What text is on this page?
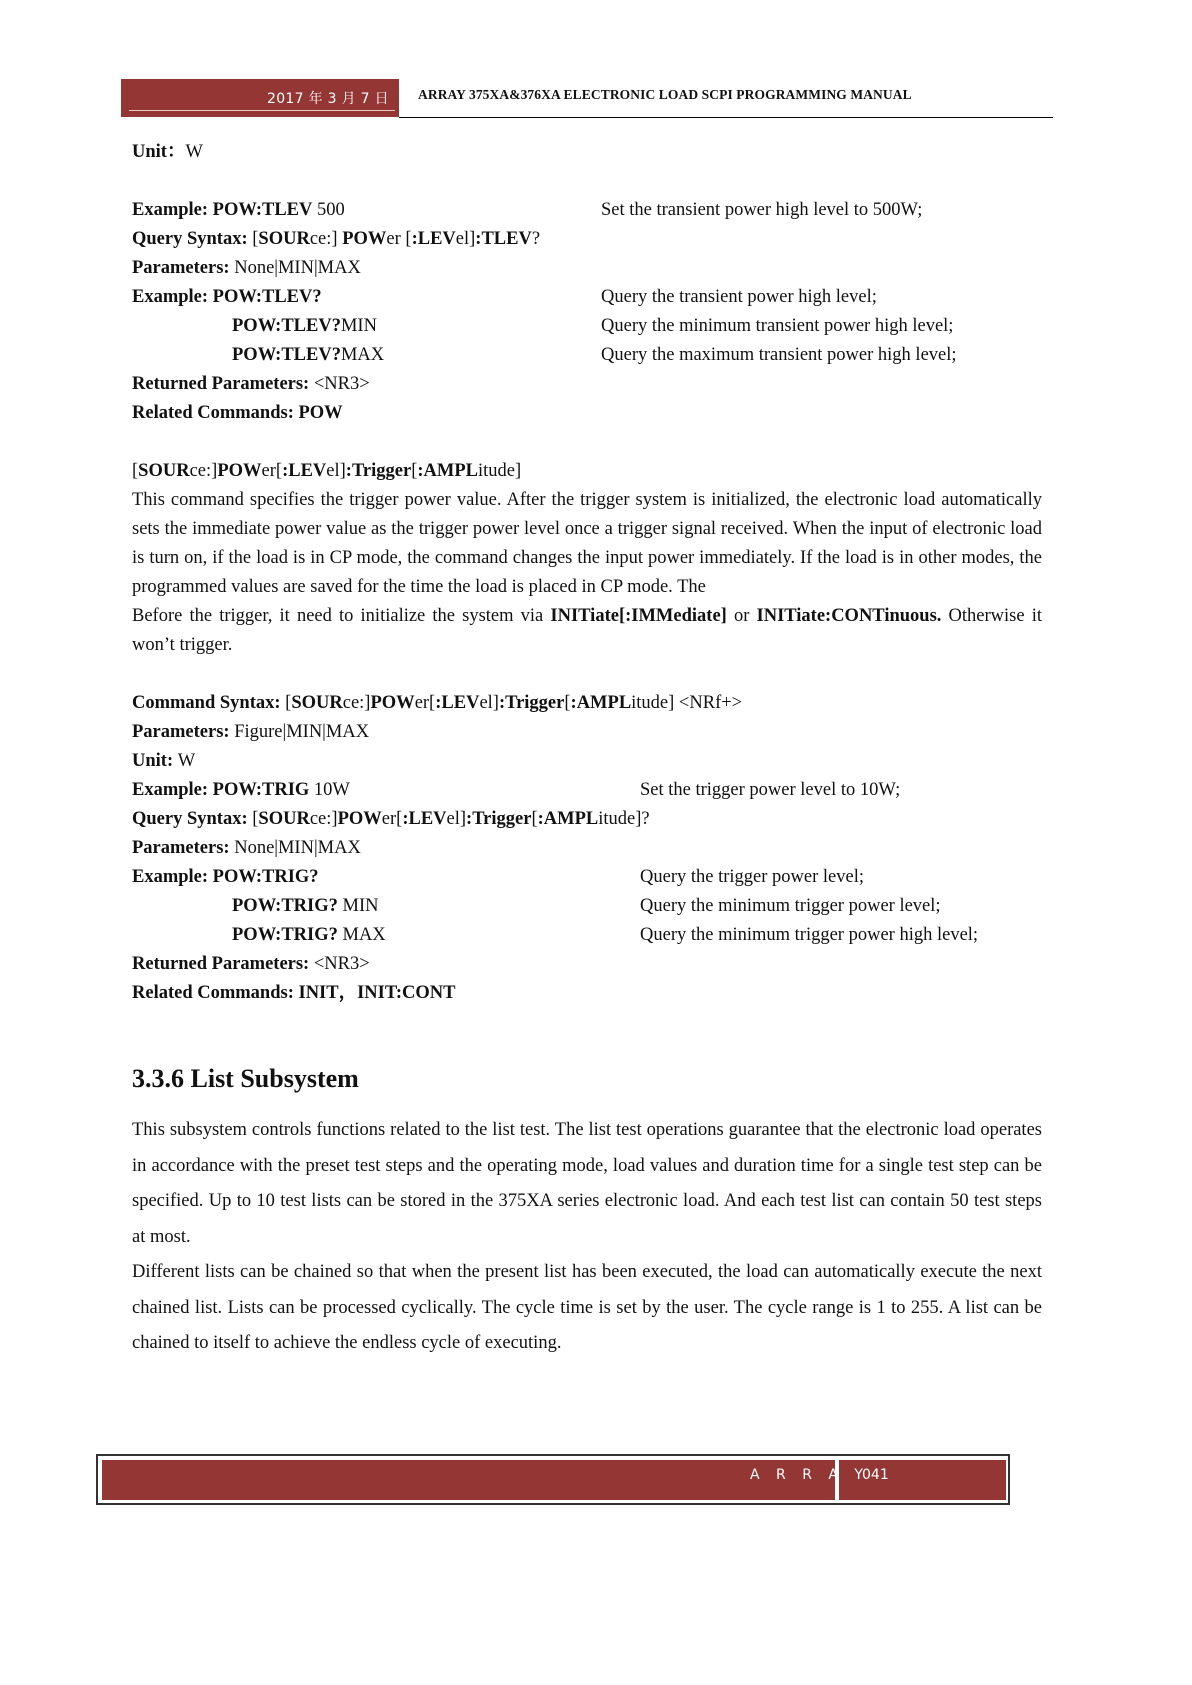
2017 年 3 月 7 日 ARRAY 375XA&376XA ELECTRONIC LOAD SCPI PROGRAMMING MANUAL
Unit：W
Example: POW:TLEV 500	Set the transient power high level to 500W;
Query Syntax: [SOURce:] POWer [:LEVel]:TLEV?
Parameters: None|MIN|MAX
Example: POW:TLEV?	Query the transient power high level;
POW:TLEV?MIN	Query the minimum transient power high level;
POW:TLEV?MAX	Query the maximum transient power high level;
Returned Parameters: <NR3>
Related Commands: POW
[SOURce:]POWer[:LEVel]:Trigger[:AMPLitude]
This command specifies the trigger power value. After the trigger system is initialized, the electronic load automatically sets the immediate power value as the trigger power level once a trigger signal received. When the input of electronic load is turn on, if the load is in CP mode, the command changes the input power immediately. If the load is in other modes, the programmed values are saved for the time the load is placed in CP mode. The
Before the trigger, it need to initialize the system via INITiate[:IMMediate] or INITiate:CONTinuous. Otherwise it won’t trigger.
Command Syntax: [SOURce:]POWer[:LEVel]:Trigger[:AMPLitude] <NRf+>
Parameters: Figure|MIN|MAX
Unit: W
Example: POW:TRIG 10W	Set the trigger power level to 10W;
Query Syntax: [SOURce:]POWer[:LEVel]:Trigger[:AMPLitude]?
Parameters: None|MIN|MAX
Example: POW:TRIG?	Query the trigger power level;
POW:TRIG? MIN	Query the minimum trigger power level;
POW:TRIG? MAX	Query the minimum trigger power high level;
Returned Parameters: <NR3>
Related Commands: INIT，INIT:CONT
3.3.6 List Subsystem
This subsystem controls functions related to the list test. The list test operations guarantee that the electronic load operates in accordance with the preset test steps and the operating mode, load values and duration time for a single test step can be specified. Up to 10 test lists can be stored in the 375XA series electronic load. And each test list can contain 50 test steps at most.
Different lists can be chained so that when the present list has been executed, the load can automatically execute the next chained list. Lists can be processed cyclically. The cycle time is set by the user. The cycle range is 1 to 255. A list can be chained to itself to achieve the endless cycle of executing.
A R R A Y
041
